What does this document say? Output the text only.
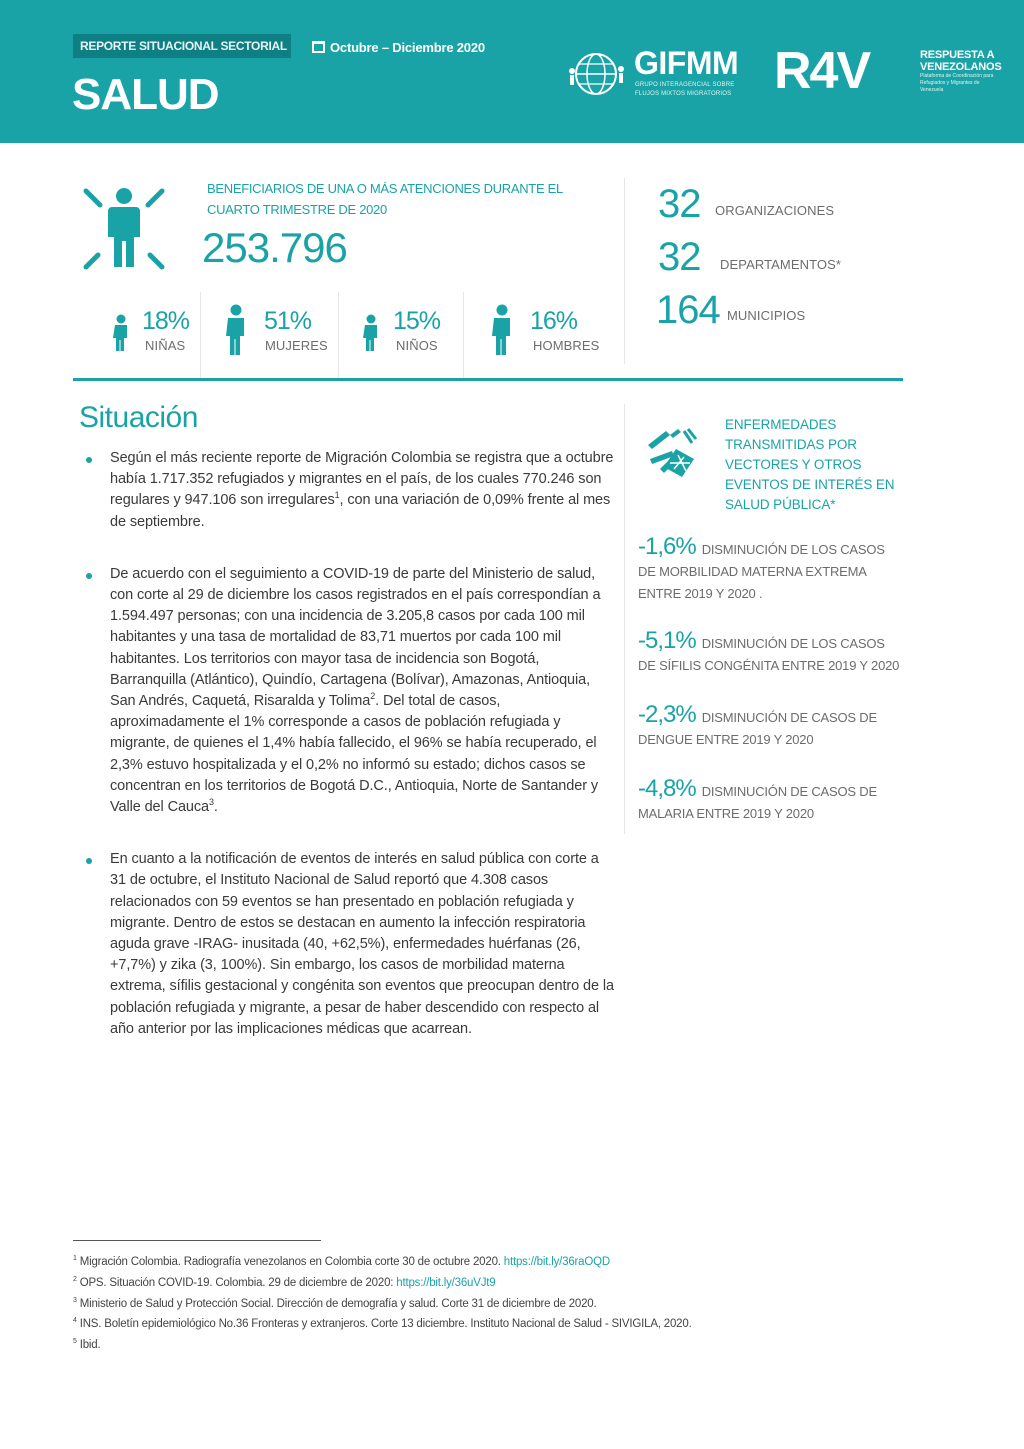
REPORTE SITUACIONAL SECTORIAL	Octubre – Diciembre 2020
SALUD
GIFMM
GRUPO INTERAGENCIAL SOBRE FLUJOS MIXTOS MIGRATORIOS R4V	RESPUESTA A VENEZOLANOS
Plataforma de Coordinación para Refugiados y Migrantes de Venezuela
BENEFICIARIOS DE UNA O MÁS ATENCIONES DURANTE EL CUARTO TRIMESTRE DE 2020
253.796
18%
NIÑAS
51%
MUJERES
15%
NIÑOS
16%
HOMBRES
32 ORGANIZACIONES
32 DEPARTAMENTOS*
164 MUNICIPIOS
Situación
Según el más reciente reporte de Migración Colombia se registra que a octubre había 1.717.352 refugiados y migrantes en el país, de los cuales 770.246 son regulares y 947.106 son irregulares$^1$, con una variación de 0,09% frente al mes de septiembre.
De acuerdo con el seguimiento a COVID-19 de parte del Ministerio de salud, con corte al 29 de diciembre los casos registrados en el país correspondían a 1.594.497 personas; con una incidencia de 3.205,8 casos por cada 100 mil habitantes y una tasa de mortalidad de 83,71 muertos por cada 100 mil habitantes. Los territorios con mayor tasa de incidencia son Bogotá, Barranquilla (Atlántico), Quindío, Cartagena (Bolívar), Amazonas, Antioquia, San Andrés, Caquetá, Risaralda y Tolima$^2$. Del total de casos, aproximadamente el 1% corresponde a casos de población refugiada y migrante, de quienes el 1,4% había fallecido, el 96% se había recuperado, el 2,3% estuvo hospitalizada y el 0,2% no informó su estado; dichos casos se concentran en los territorios de Bogotá D.C., Antioquia, Norte de Santander y Valle del Cauca$^3$.
En cuanto a la notificación de eventos de interés en salud pública con corte a 31 de octubre, el Instituto Nacional de Salud reportó que 4.308 casos relacionados con 59 eventos se han presentado en población refugiada y migrante. Dentro de estos se destacan en aumento la infección respiratoria aguda grave -IRAG- inusitada (40, +62,5%), enfermedades huérfanas (26, +7,7%) y zika (3, 100%). Sin embargo, los casos de morbilidad materna extrema, sífilis gestacional y congénita son eventos que preocupan dentro de la población refugiada y migrante, a pesar de haber descendido con respecto al año anterior por las implicaciones médicas que acarrean.
ENFERMEDADES TRANSMITIDAS POR VECTORES Y OTROS EVENTOS DE INTERÉS EN SALUD PÚBLICA*
-1,6% DISMINUCIÓN DE LOS CASOS DE MORBILIDAD MATERNA EXTREMA ENTRE 2019 Y 2020 .
-5,1% DISMINUCIÓN DE LOS CASOS DE SÍFILIS CONGÉNITA ENTRE 2019 Y 2020
-2,3% DISMINUCIÓN DE CASOS DE DENGUE ENTRE 2019 Y 2020
-4,8% DISMINUCIÓN DE CASOS DE MALARIA ENTRE 2019 Y 2020
$^1$ Migración Colombia. Radiografía venezolanos en Colombia corte 30 de octubre 2020. https://bit.ly/36raOQD
$^2$ OPS. Situación COVID-19. Colombia. 29 de diciembre de 2020: https://bit.ly/36uVJt9
$^3$ Ministerio de Salud y Protección Social. Dirección de demografía y salud. Corte 31 de diciembre de 2020.
$^4$ INS. Boletín epidemiológico No.36 Fronteras y extranjeros. Corte 13 diciembre. Instituto Nacional de Salud - SIVIGILA, 2020.
$^5$ Ibid.
